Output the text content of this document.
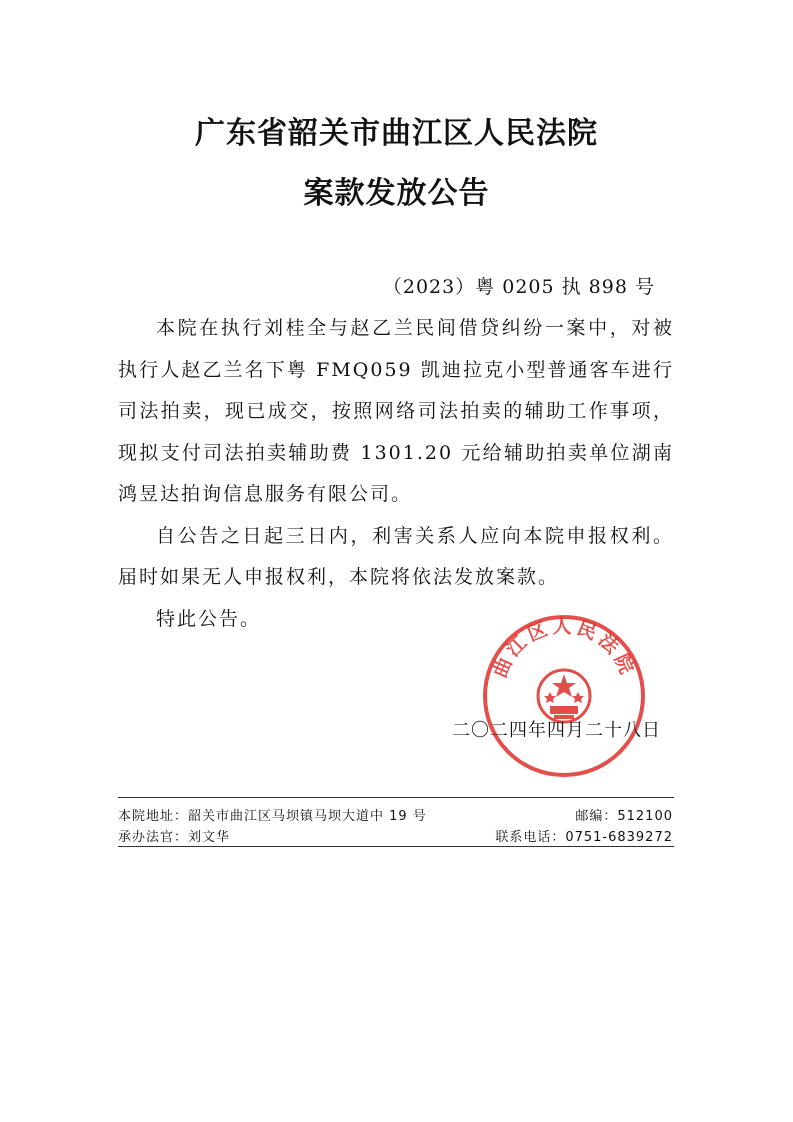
广东省韶关市曲江区人民法院
案款发放公告
（2023）粤 0205 执 898 号

本院在执行刘桂全与赵乙兰民间借贷纠纷一案中，对被执行人赵乙兰名下粤 FMQ059 凯迪拉克小型普通客车进行司法拍卖，现已成交，按照网络司法拍卖的辅助工作事项，现拟支付司法拍卖辅助费 1301.20 元给辅助拍卖单位湖南鸿昱达拍询信息服务有限公司。

自公告之日起三日内，利害关系人应向本院申报权利。届时如果无人申报权利，本院将依法发放案款。

特此公告。

曲江区人民法院
二〇二四年四月二十八日
本院地址：韶关市曲江区马坝镇马坝大道中 19 号	邮编：512100
承办法官：刘文华	联系电话：0751-6839272
